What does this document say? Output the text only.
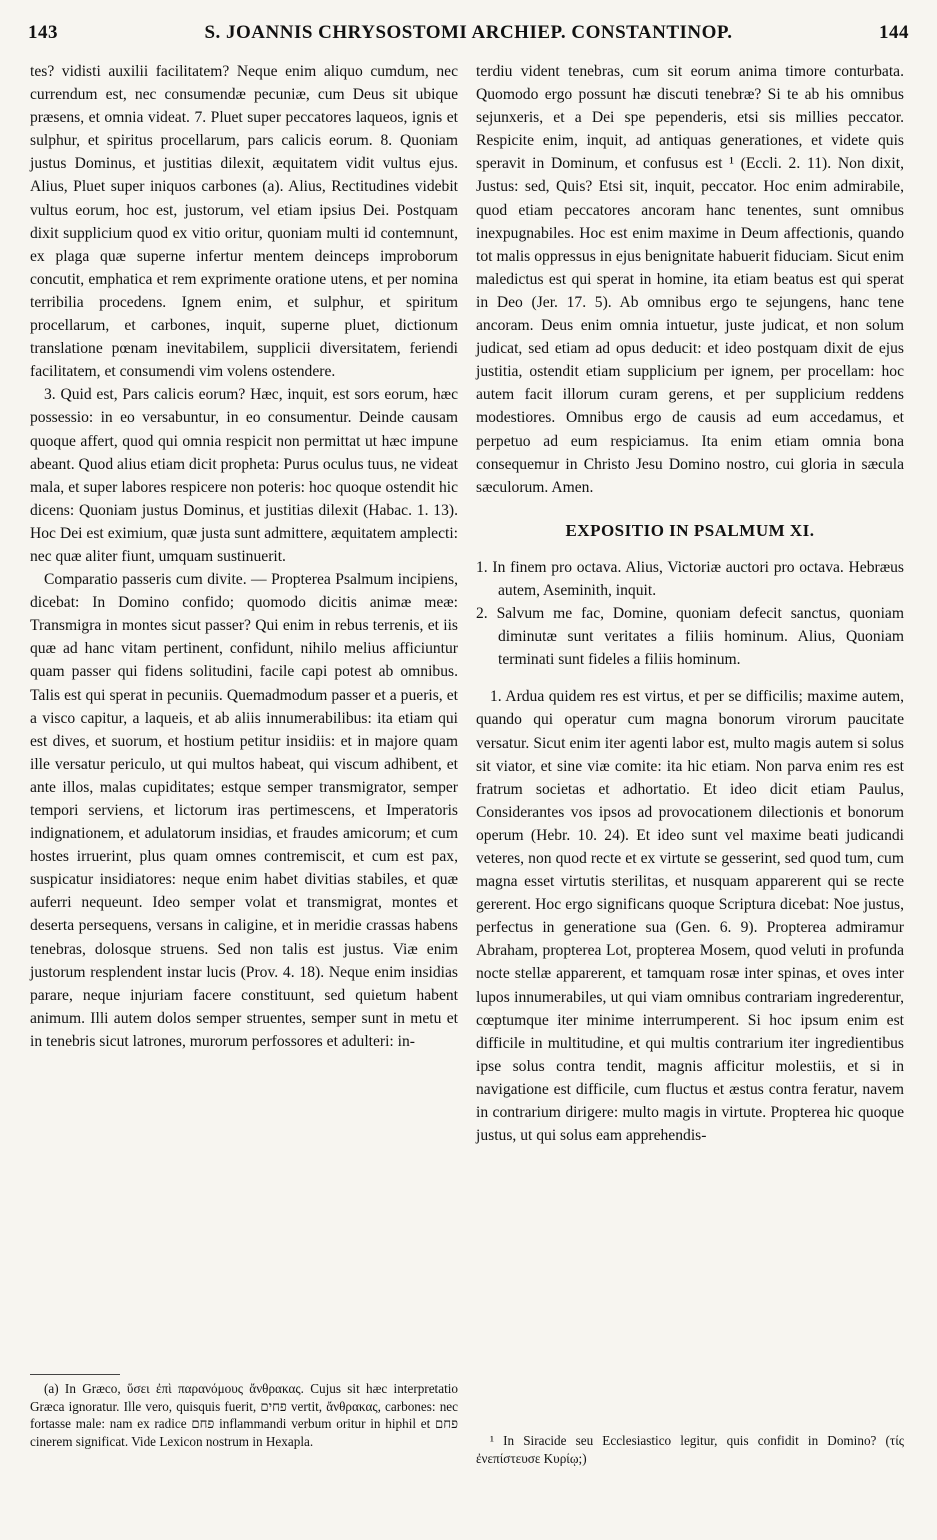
143	S. JOANNIS CHRYSOSTOMI ARCHIEP. CONSTANTINOP.	144

tes? vidisti auxilii facilitatem? Neque enim aliquo cumdum, nec currendum est, nec consumendæ pecuniæ, cum Deus sit ubique præsens, et omnia videat. 7. Pluet super peccatores laqueos, ignis et sulphur, et spiritus procellarum, pars calicis eorum. 8. Quoniam justus Dominus, et justitias dilexit, æquitatem vidit vultus ejus. Alius, Pluet super iniquos carbones (a). Alius, Rectitudines videbit vultus eorum, hoc est, justorum, vel etiam ipsius Dei. Postquam dixit supplicium quod ex vitio oritur, quoniam multi id contemnunt, ex plaga quæ superne infertur mentem deinceps improborum concutit, emphatica et rem exprimente oratione utens, et per nomina terribilia procedens. Ignem enim, et sulphur, et spiritum procellarum, et carbones, inquit, superne pluet, dictionum translatione pœnam inevitabilem, supplicii diversitatem, feriendi facilitatem, et consumendi vim volens ostendere.

3. Quid est, Pars calicis eorum? Hæc, inquit, est sors eorum, hæc possessio: in eo versabuntur, in eo consumentur. Deinde causam quoque affert, quod qui omnia respicit non permittat ut hæc impune abeant. Quod alius etiam dicit propheta: Purus oculus tuus, ne videat mala, et super labores respicere non poteris: hoc quoque ostendit hic dicens: Quoniam justus Dominus, et justitias dilexit (Habac. 1. 13). Hoc Dei est eximium, quæ justa sunt admittere, æquitatem amplecti: nec quæ aliter fiunt, umquam sustinuerit.

Comparatio passeris cum divite. — Propterea Psalmum incipiens, dicebat: In Domino confido; quomodo dicitis animæ meæ: Transmigra in montes sicut passer? Qui enim in rebus terrenis, et iis quæ ad hanc vitam pertinent, confidunt, nihilo melius afficiuntur quam passer qui fidens solitudini, facile capi potest ab omnibus. Talis est qui sperat in pecuniis. Quemadmodum passer et a pueris, et a visco capitur, a laqueis, et ab aliis innumerabilibus: ita etiam qui est dives, et suorum, et hostium petitur insidiis: et in majore quam ille versatur periculo, ut qui multos habeat, qui viscum adhibent, et ante illos, malas cupiditates; estque semper transmigrator, semper tempori serviens, et lictorum iras pertimescens, et Imperatoris indignationem, et adulatorum insidias, et fraudes amicorum; et cum hostes irruerint, plus quam omnes contremiscit, et cum est pax, suspicatur insidiatores: neque enim habet divitias stabiles, et quæ auferri nequeunt. Ideo semper volat et transmigrat, montes et deserta persequens, versans in caligine, et in meridie crassas habens tenebras, dolosque struens. Sed non talis est justus. Viæ enim justorum resplendent instar lucis (Prov. 4. 18). Neque enim insidias parare, neque injuriam facere constituunt, sed quietum habent animum. Illi autem dolos semper struentes, semper sunt in metu et in tenebris sicut latrones, murorum perfossores et adulteri: in-

(a) In Græco, ὕσει ἐπὶ παρανόμους ἄνθρακας. Cujus sit hæc interpretatio Græca ignoratur. Ille vero, quisquis fuerit, פחים vertit, ἄνθρακας, carbones: nec fortasse male: nam ex radice פחם inflammandi verbum oritur in hiphil et פחם cinerem significat. Vide Lexicon nostrum in Hexapla.

terdiu vident tenebras, cum sit eorum anima timore conturbata. Quomodo ergo possunt hæ discuti tenebræ? Si te ab his omnibus sejunxeris, et a Dei spe pependeris, etsi sis millies peccator. Respicite enim, inquit, ad antiquas generationes, et videte quis speravit in Dominum, et confusus est ¹ (Eccli. 2. 11). Non dixit, Justus: sed, Quis? Etsi sit, inquit, peccator. Hoc enim admirabile, quod etiam peccatores ancoram hanc tenentes, sunt omnibus inexpugnabiles. Hoc est enim maxime in Deum affectionis, quando tot malis oppressus in ejus benignitate habuerit fiduciam. Sicut enim maledictus est qui sperat in homine, ita etiam beatus est qui sperat in Deo (Jer. 17. 5). Ab omnibus ergo te sejungens, hanc tene ancoram. Deus enim omnia intuetur, juste judicat, et non solum judicat, sed etiam ad opus deducit: et ideo postquam dixit de ejus justitia, ostendit etiam supplicium per ignem, per procellam: hoc autem facit illorum curam gerens, et per supplicium reddens modestiores. Omnibus ergo de causis ad eum accedamus, et perpetuo ad eum respiciamus. Ita enim etiam omnia bona consequemur in Christo Jesu Domino nostro, cui gloria in sæcula sæculorum. Amen.

EXPOSITIO IN PSALMUM XI.

1. In finem pro octava. Alius, Victoriæ auctori pro octava. Hebræus autem, Aseminith, inquit.

2. Salvum me fac, Domine, quoniam defecit sanctus, quoniam diminutæ sunt veritates a filiis hominum. Alius, Quoniam terminati sunt fideles a filiis hominum.

1. Ardua quidem res est virtus, et per se difficilis; maxime autem, quando qui operatur cum magna bonorum virorum paucitate versatur. Sicut enim iter agenti labor est, multo magis autem si solus sit viator, et sine viæ comite: ita hic etiam. Non parva enim res est fratrum societas et adhortatio. Et ideo dicit etiam Paulus, Considerantes vos ipsos ad provocationem dilectionis et bonorum operum (Hebr. 10. 24). Et ideo sunt vel maxime beati judicandi veteres, non quod recte et ex virtute se gesserint, sed quod tum, cum magna esset virtutis sterilitas, et nusquam apparerent qui se recte gererent. Hoc ergo significans quoque Scriptura dicebat: Noe justus, perfectus in generatione sua (Gen. 6. 9). Propterea admiramur Abraham, propterea Lot, propterea Mosem, quod veluti in profunda nocte stellæ apparerent, et tamquam rosæ inter spinas, et oves inter lupos innumerabiles, ut qui viam omnibus contrariam ingrederentur, cœptumque iter minime interrumperent. Si hoc ipsum enim est difficile in multitudine, et qui multis contrarium iter ingredientibus ipse solus contra tendit, magnis afficitur molestiis, et si in navigatione est difficile, cum fluctus et æstus contra feratur, navem in contrarium dirigere: multo magis in virtute. Propterea hic quoque justus, ut qui solus eam apprehendis-

¹ In Siracide seu Ecclesiastico legitur, quis confidit in Domino? (τίς ἐνεπίστευσε Κυρίῳ;)
